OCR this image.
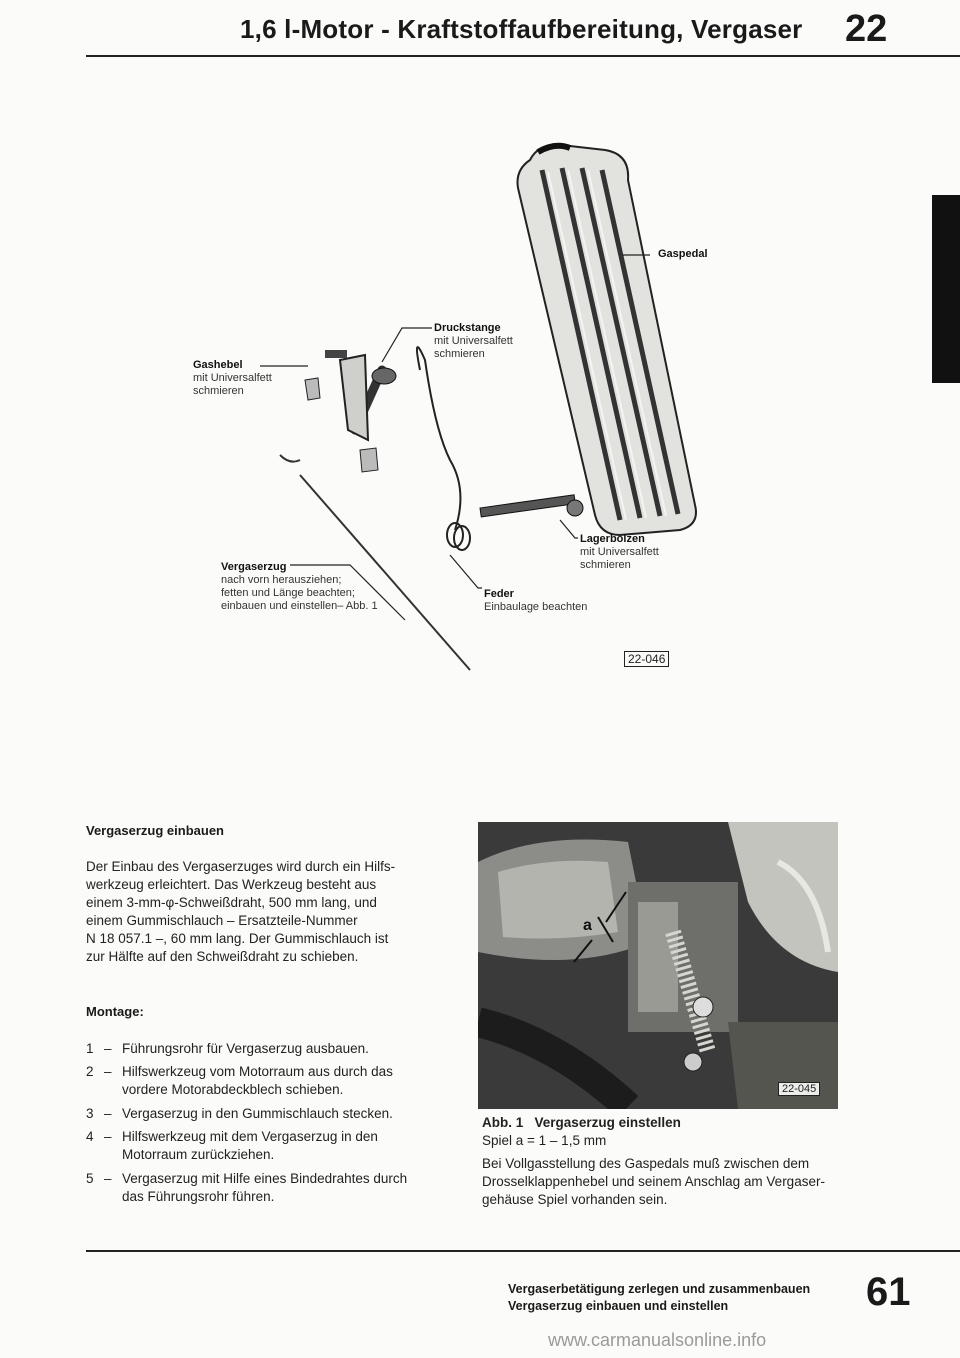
1,6 l-Motor - Kraftstoffaufbereitung, Vergaser	22
Gaspedal
Druckstange
mit Universalfett
schmieren
Gashebel
mit Universalfett
schmieren
Lagerbolzen
mit Universalfett
schmieren
Vergaserzug
nach vorn herausziehen;
fetten und Länge beachten;
einbauen und einstellen– Abb. 1
Feder
Einbaulage beachten
22-046
Vergaserzug einbauen
Der Einbau des Vergaserzuges wird durch ein Hilfs-
werkzeug erleichtert. Das Werkzeug besteht aus
einem 3-mm-φ-Schweißdraht, 500 mm lang, und
einem Gummischlauch – Ersatzteile-Nummer
N 18 057.1 –, 60 mm lang. Der Gummischlauch ist
zur Hälfte auf den Schweißdraht zu schieben.
Montage:
1 – Führungsrohr für Vergaserzug ausbauen.
2 – Hilfswerkzeug vom Motorraum aus durch das
vordere Motorabdeckblech schieben.
3 – Vergaserzug in den Gummischlauch stecken.
4 – Hilfswerkzeug mit dem Vergaserzug in den
Motorraum zurückziehen.
5 – Vergaserzug mit Hilfe eines Bindedrahtes durch
das Führungsrohr führen.
a
22-045
Abb. 1 Vergaserzug einstellen
Spiel a = 1 – 1,5 mm
Bei Vollgasstellung des Gaspedals muß zwischen dem
Drosselklappenhebel und seinem Anschlag am Vergaser-
gehäuse Spiel vorhanden sein.
Vergaserbetätigung zerlegen und zusammenbauen
Vergaserzug einbauen und einstellen	61
www.carmanualsonline.info
